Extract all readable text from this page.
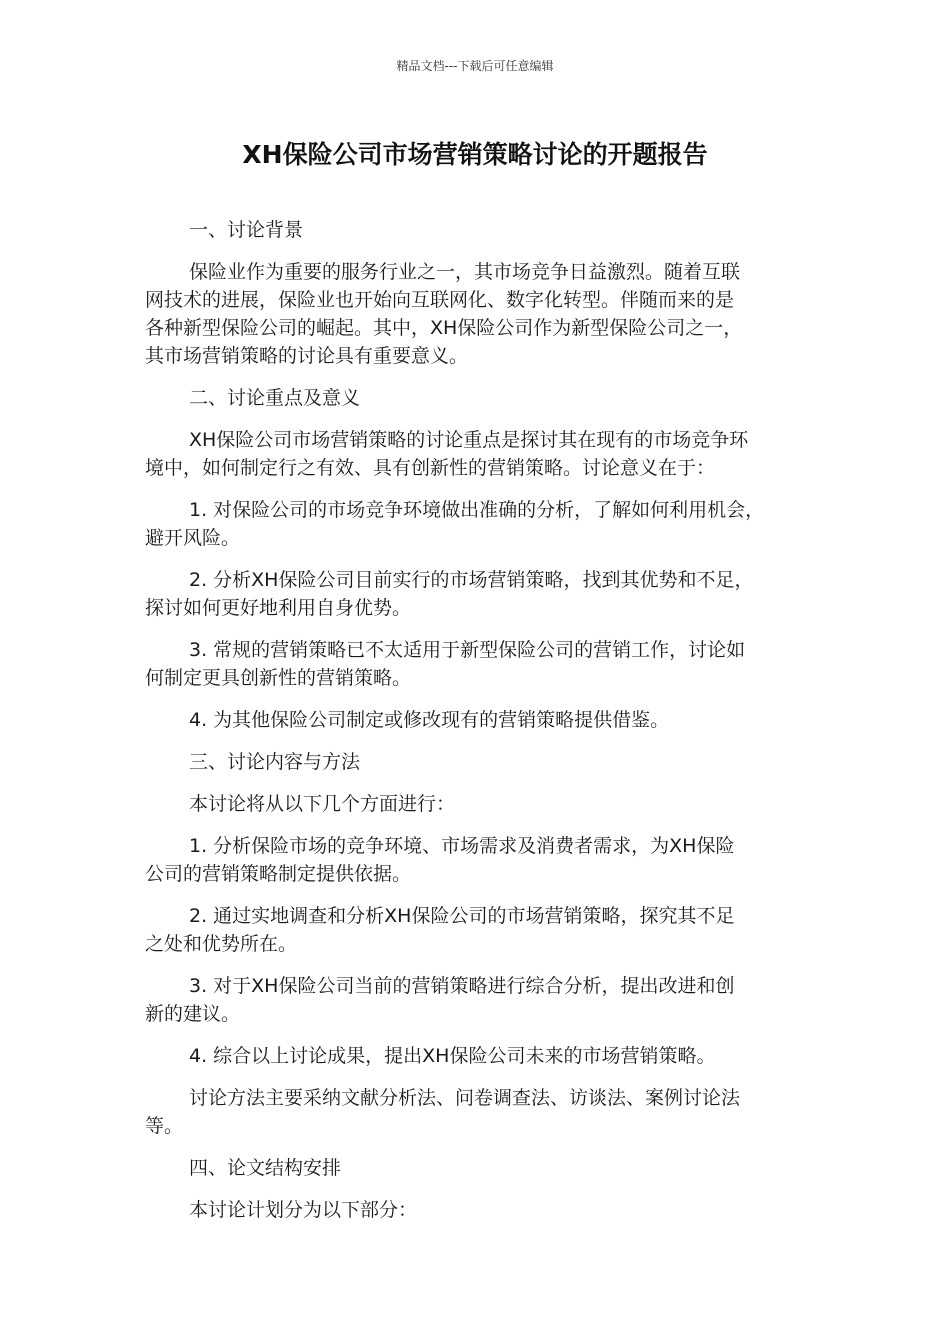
精品文档---下载后可任意编辑
XH保险公司市场营销策略讨论的开题报告

一、讨论背景

保险业作为重要的服务行业之一，其市场竞争日益激烈。随着互联
网技术的进展，保险业也开始向互联网化、数字化转型。伴随而来的是
各种新型保险公司的崛起。其中，XH保险公司作为新型保险公司之一，
其市场营销策略的讨论具有重要意义。

二、讨论重点及意义

XH保险公司市场营销策略的讨论重点是探讨其在现有的市场竞争环
境中，如何制定行之有效、具有创新性的营销策略。讨论意义在于：

1. 对保险公司的市场竞争环境做出准确的分析，了解如何利用机会，
避开风险。

2. 分析XH保险公司目前实行的市场营销策略，找到其优势和不足，
探讨如何更好地利用自身优势。

3. 常规的营销策略已不太适用于新型保险公司的营销工作，讨论如
何制定更具创新性的营销策略。

4. 为其他保险公司制定或修改现有的营销策略提供借鉴。

三、讨论内容与方法

本讨论将从以下几个方面进行：

1. 分析保险市场的竞争环境、市场需求及消费者需求，为XH保险
公司的营销策略制定提供依据。

2. 通过实地调查和分析XH保险公司的市场营销策略，探究其不足
之处和优势所在。

3. 对于XH保险公司当前的营销策略进行综合分析，提出改进和创
新的建议。

4. 综合以上讨论成果，提出XH保险公司未来的市场营销策略。

讨论方法主要采纳文献分析法、问卷调查法、访谈法、案例讨论法
等。

四、论文结构安排

本讨论计划分为以下部分：
